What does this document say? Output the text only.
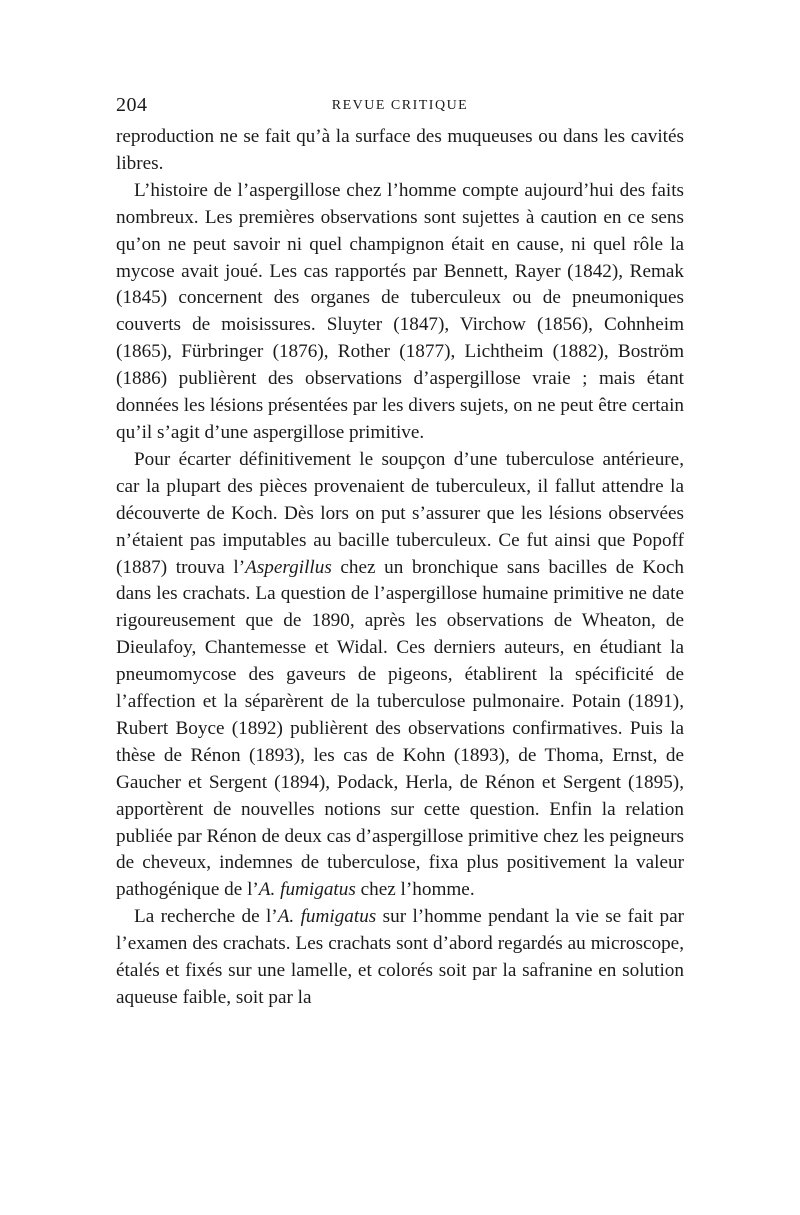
204	REVUE CRITIQUE

reproduction ne se fait qu’à la surface des muqueuses ou dans les cavités libres.

L’histoire de l’aspergillose chez l’homme compte aujourd’hui des faits nombreux. Les premières observations sont sujettes à caution en ce sens qu’on ne peut savoir ni quel champignon était en cause, ni quel rôle la mycose avait joué. Les cas rapportés par Bennett, Rayer (1842), Remak (1845) concernent des organes de tuberculeux ou de pneumoniques couverts de moisissures. Sluyter (1847), Virchow (1856), Cohnheim (1865), Fürbringer (1876), Rother (1877), Lichtheim (1882), Boström (1886) publièrent des observations d’aspergillose vraie ; mais étant données les lésions présentées par les divers sujets, on ne peut être certain qu’il s’agit d’une aspergillose primitive.

Pour écarter définitivement le soupçon d’une tuberculose antérieure, car la plupart des pièces provenaient de tuberculeux, il fallut attendre la découverte de Koch. Dès lors on put s’assurer que les lésions observées n’étaient pas imputables au bacille tuberculeux. Ce fut ainsi que Popoff (1887) trouva l’Aspergillus chez un bronchique sans bacilles de Koch dans les crachats. La question de l’aspergillose humaine primitive ne date rigoureusement que de 1890, après les observations de Wheaton, de Dieulafoy, Chantemesse et Widal. Ces derniers auteurs, en étudiant la pneumomycose des gaveurs de pigeons, établirent la spécificité de l’affection et la séparèrent de la tuberculose pulmonaire. Potain (1891), Rubert Boyce (1892) publièrent des observations confirmatives. Puis la thèse de Rénon (1893), les cas de Kohn (1893), de Thoma, Ernst, de Gaucher et Sergent (1894), Podack, Herla, de Rénon et Sergent (1895), apportèrent de nouvelles notions sur cette question. Enfin la relation publiée par Rénon de deux cas d’aspergillose primitive chez les peigneurs de cheveux, indemnes de tuberculose, fixa plus positivement la valeur pathogénique de l’A. fumigatus chez l’homme.

La recherche de l’A. fumigatus sur l’homme pendant la vie se fait par l’examen des crachats. Les crachats sont d’abord regardés au microscope, étalés et fixés sur une lamelle, et colorés soit par la safranine en solution aqueuse faible, soit par la
